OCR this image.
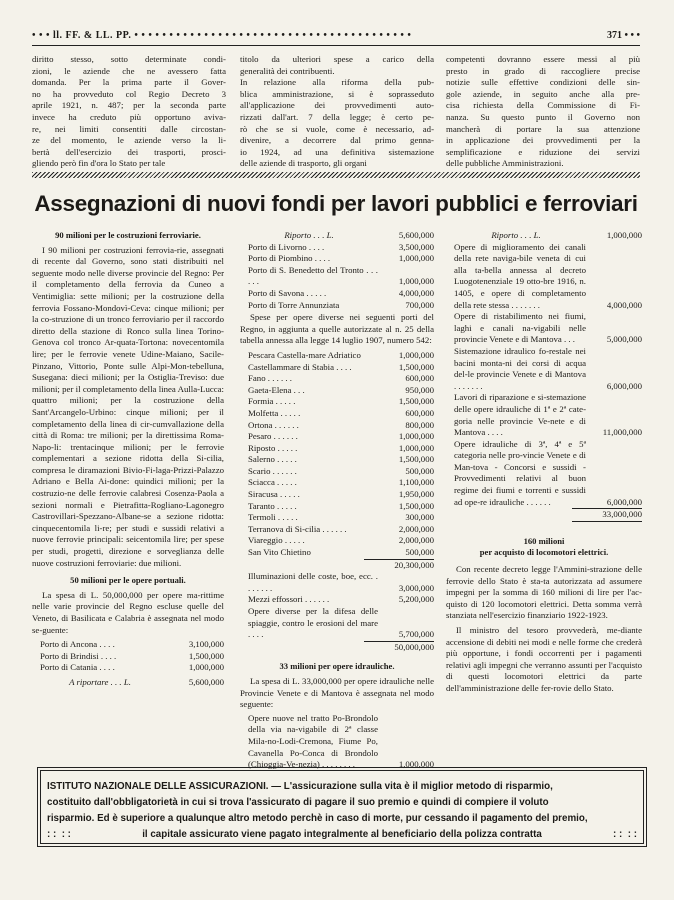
• • • ll. FF. & LL. PP. • • • • • • • • • • • • • • • • • • • • • • • • • • • • • • • • • • • • • • • •	371 • • •

diritto stesso, sotto determinate condi-

zioni, le aziende che ne avessero fatta

domanda. Per la prima parte il Gover-

no ha provveduto col Regio Decreto 3

aprile 1921, n. 487; per la seconda parte

invece ha creduto più opportuno aviva-

re, nei limiti consentiti dalle circostan-

ze del momento, le aziende verso la li-

bertà dell'esercizio dei trasporti, prosci-

gliendo però fin d'ora lo Stato per tale

titolo da ulteriori spese a carico della

generalità dei contribuenti.

In relazione alla riforma della pub-

blica amministrazione, si è soprasseduto

all'applicazione dei provvedimenti auto-

rizzati dall'art. 7 della legge; è certo pe-

rò che se si vuole, come è necessario, ad-

divenire, a decorrere dal primo genna-

io 1924, ad una definitiva sistemazione

delle aziende di trasporto, gli organi

competenti dovranno essere messi al più

presto in grado di raccogliere precise

notizie sulle effettive condizioni delle sin-

gole aziende, in seguito anche alla pre-

cisa richiesta della Commissione di Fi-

nanza. Su questo punto il Governo non

mancherà di portare la sua attenzione

in applicazione dei provvedimenti per la

semplificazione e riduzione dei servizi

delle pubbliche Amministrazioni.

Assegnazioni di nuovi fondi per lavori pubblici e ferroviari

90 milioni per le costruzioni ferroviarie.

I 90 milioni per costruzioni ferrovia-rie, assegnati di recente dal Governo, sono stati distribuiti nel seguente modo nelle diverse provincie del Regno: Per il completamento della ferrovia da Cuneo a Ventimiglia: sette milioni; per la costruzione della ferrovia Fossano-Mondovì-Ceva: cinque milioni; per la co-struzione di un tronco ferroviario per il raccordo diretto della stazione di Ronco sulla linea Torino-Genova col tronco Ar-quata-Tortona: novecentomila lire; per le ferrovie venete Udine-Maiano, Sacile-Pinzano, Vittorio, Ponte sulle Alpi-Mon-tebelluna, Susegana: dieci milioni; per la Ostiglia-Treviso: due milioni; per il completamento della linea Aulla-Lucca: quattro milioni; per la costruzione della Sant'Arcangelo-Urbino: cinque milioni; per il completamento della linea di cir-cumvallazione della città di Roma: tre milioni; per la direttissima Roma-Napo-li: trentacinque milioni; per le ferrovie complementari a sezione ridotta della Si-cilia, compresa le diramazioni Bivio-Fi-laga-Prizzi-Palazzo Adriano e Bella Ai-done: quindici milioni; per la costruzio-ne delle ferrovie calabresi Cosenza-Paola a sezioni normali e Pietrafitta-Rogliano-Lagonegro Castrovillari-Spezzano-Albane-se a sezione ridotta: cinquecentomila li-re; per studi e sussidi relativi a nuove ferrovie principali: seicentomila lire; per spese per studi, progetti, direzione e sorveglianza delle nuove costruzioni ferroviarie: due milioni.

50 milioni per le opere portuali.

La spesa di L. 50,000,000 per opere ma-rittime nelle varie provincie del Regno escluse quelle del Veneto, di Basilicata e Calabria è assegnata nel modo se-guente:

Porto di Ancona . . . .	3,100,000
Porto di Brindisi . . . .	1,500,000
Porto di Catania . . . .	1,000,000
A riportare . . . L.	5,600,000
Riporto . . . L.	5,600,000
Porto di Livorno . . . .	3,500,000
Porto di Piombino . . . .	1,000,000
Porto di S. Benedetto del Tronto . . . . . .	1,000,000
Porto di Savona . . . . .	4,000,000
Porto di Torre Annunziata	700,000

Spese per opere diverse nei seguenti porti del Regno, in aggiunta a quelle autorizzate al n. 25 della tabella annessa alla legge 14 luglio 1907, numero 542:

Pescara Castella-mare Adriatico	1,000,000
Castellammare di Stabia . . . .	1,500,000
Fano . . . . . .	600,000
Gaeta-Elena . . .	950,000
Formia . . . . .	1,500,000
Molfetta . . . . .	600,000
Ortona . . . . . .	800,000
Pesaro . . . . . .	1,000,000
Riposto . . . . .	1,000,000
Salerno . . . . .	1,500,000
Scario . . . . . .	500,000
Sciacca . . . . .	1,100,000
Siracusa . . . . .	1,950,000
Taranto . . . . .	1,500,000
Termoli . . . . .	300,000
Terranova di Si-cilia . . . . . .	2,000,000
Viareggio . . . . .	2,000,000
San Vito Chietino	500,000
	20,300,000
Illuminazioni delle coste, boe, ecc. . . . . . . .	3,000,000
Mezzi effossori . . . . . .	5,200,000
Opere diverse per la difesa delle spiaggie, contro le erosioni del mare . . . .	5,700,000
	50,000,000

33 milioni per opere idrauliche.

La spesa di L. 33,000,000 per opere idrauliche nelle Provincie Venete e di Mantova è assegnata nel modo seguente:

Opere nuove nel tratto Po-Brondolo della via na-vigabile di 2ª classe Mila-no-Lodi-Cremona, Fiume Po, Cavanella Po-Conca di Brondolo (Chioggia-Ve-nezia) . . . . . . . .	1,000,000
Riporto . . . L.	1,000,000
Opere di miglioramento dei canali della rete naviga-bile veneta di cui alla ta-bella annessa al decreto Luogotenenziale 19 otto-bre 1916, n. 1405, e opere di completamento della rete stessa . . . . . . .	4,000,000
Opere di ristabilimento nei fiumi, laghi e canali na-vigabili nelle provincie Venete e di Mantova . . .	5,000,000
Sistemazione idraulico fo-restale nei bacini monta-ni dei corsi di acqua del-le provincie Venete e di Mantova . . . . . . .	6,000,000
Lavori di riparazione e si-stemazione delle opere idrauliche di 1ª e 2ª cate-goria nelle provincie Ve-nete e di Mantova . . . .	11,000,000
Opere idrauliche di 3ª, 4ª e 5ª categoria nelle pro-vincie Venete e di Man-tova - Concorsi e sussidi - Provvedimenti relativi al buon regime dei fiumi e torrenti e sussidi ad ope-re idrauliche . . . . . .	6,000,000
	33,000,000

160 milioni

per acquisto di locomotori elettrici.

Con recente decreto legge l'Ammini-strazione delle ferrovie dello Stato è sta-ta autorizzata ad assumere impegni per la somma di 160 milioni di lire per l'ac-quisto di 120 locomotori elettrici. Detta somma verrà stanziata nell'esercizio finanziario 1922-1923.

Il ministro del tesoro provvederà, me-diante accensione di debiti nei modi e nelle forme che crederà più opportune, i fondi occorrenti per i pagamenti relativi agli impegni che verranno assunti per l'acquisto di questi locomotori elettrici da parte dell'amministrazione delle fer-rovie dello Stato.

ISTITUTO NAZIONALE DELLE ASSICURAZIONI. — L'assicurazione sulla vita è il miglior metodo di risparmio,
costituito dall'obbligatorietà in cui si trova l'assicurato di pagare il suo premio e quindi di compiere il voluto
risparmio. Ed è superiore a qualunque altro metodo perchè in caso di morte, pur cessando il pagamento del premio,
: : : :	il capitale assicurato viene pagato integralmente al beneficiario della polizza contratta	: : : :
